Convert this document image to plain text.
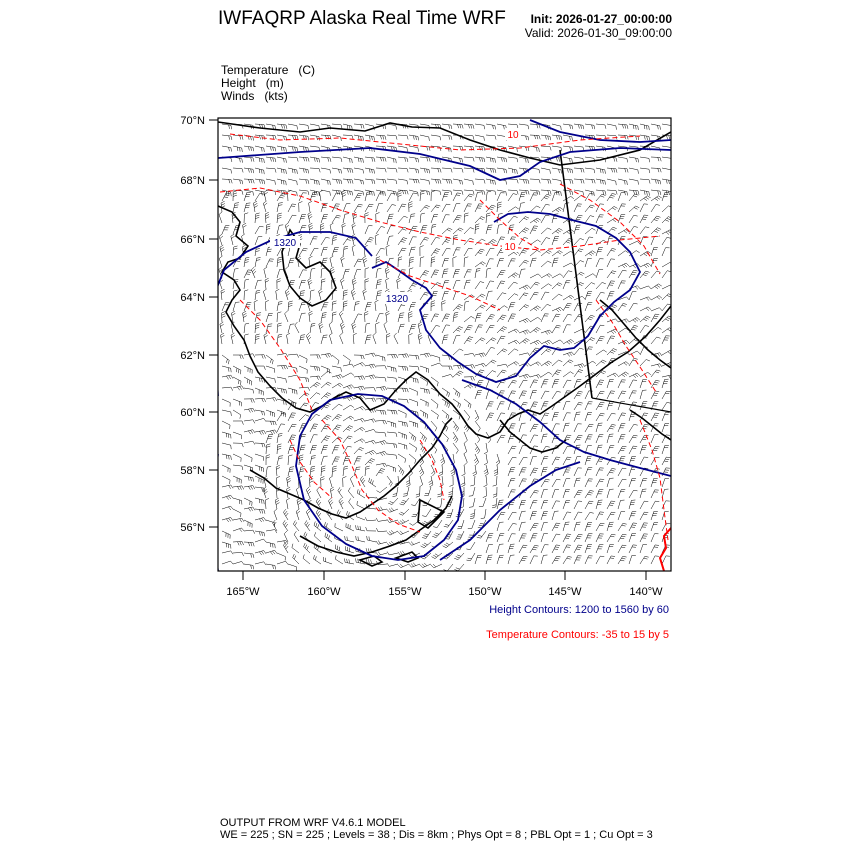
IWFAQRP Alaska Real Time WRF Init: 2026-01-27_00:00:00
Valid: 2026-01-30_09:00:00
Temperature (C)
Height (m)
Winds (kts)
1320
1320
10
10
70°N
68°N
66°N
64°N
62°N
60°N
58°N
56°N
165°W	160°W	155°W	150°W	145°W	140°W
Height Contours: 1200 to 1560 by 60
Temperature Contours: -35 to 15 by 5
OUTPUT FROM WRF V4.6.1 MODEL
WE = 225 ; SN = 225 ; Levels = 38 ; Dis = 8km ; Phys Opt = 8 ; PBL Opt = 1 ; Cu Opt = 3
